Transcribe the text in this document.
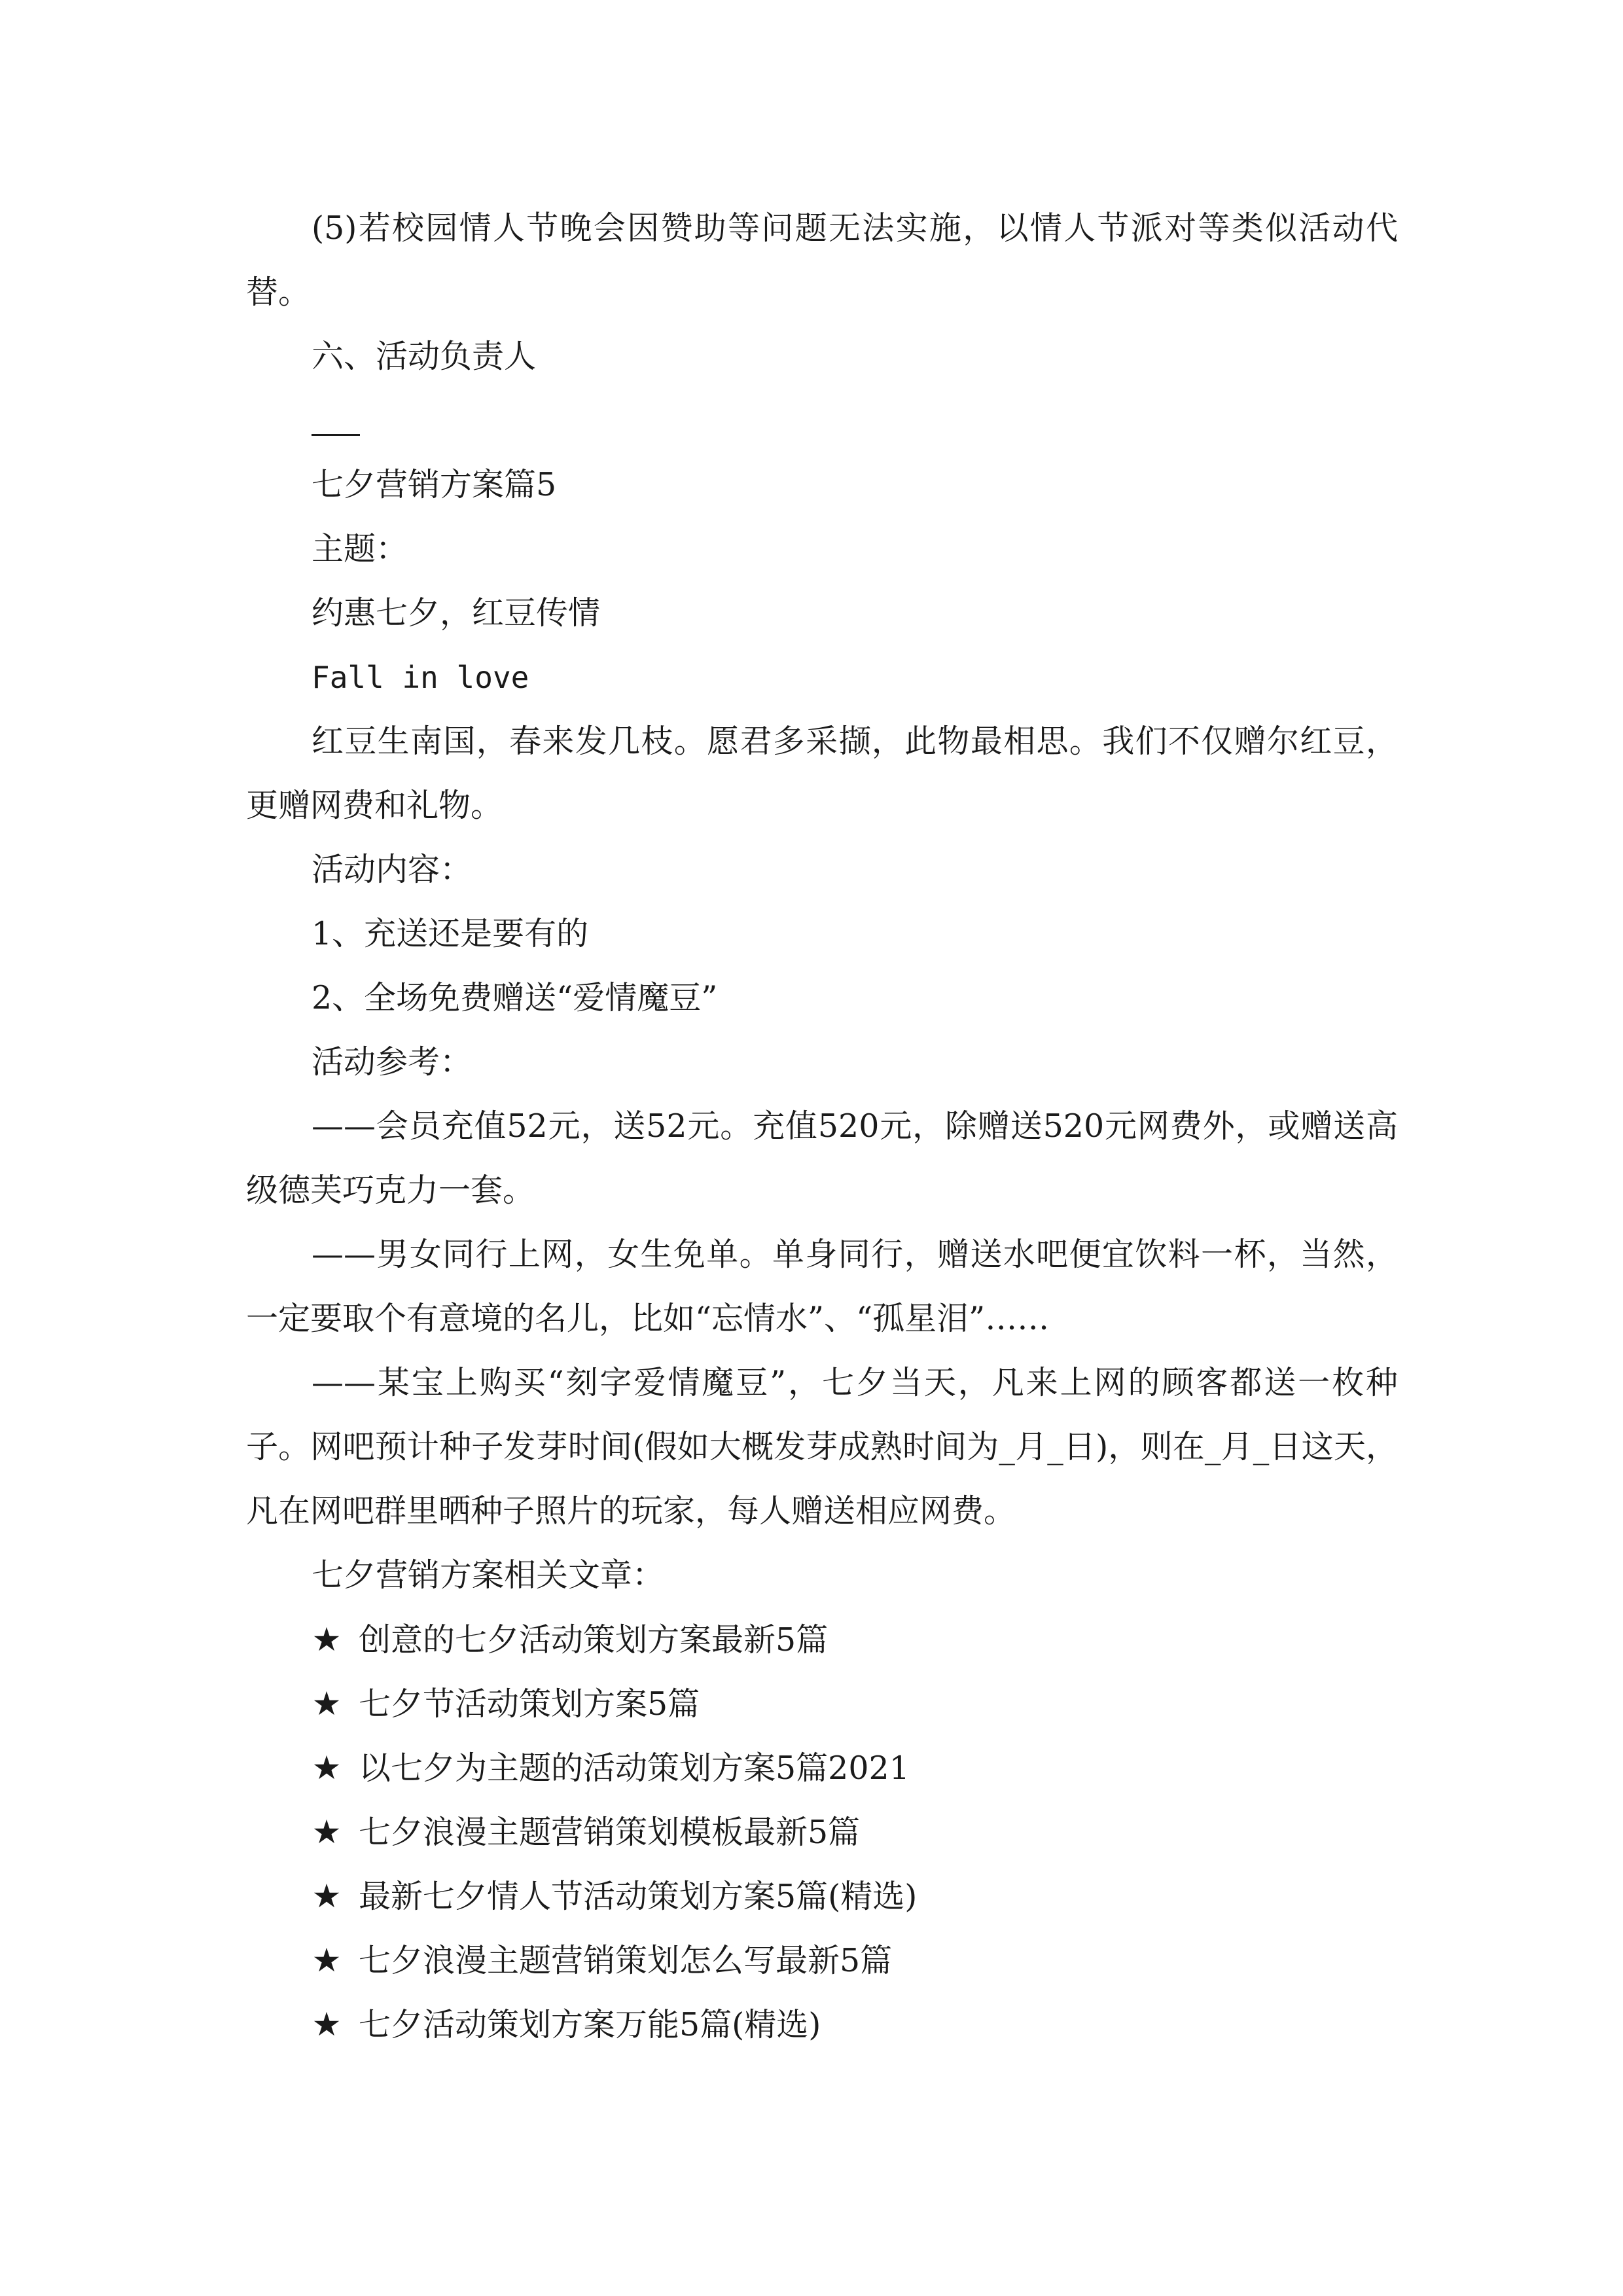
(5)若校园情人节晚会因赞助等问题无法实施，以情人节派对等类似活动代替。

六、活动负责人

七夕营销方案篇5

主题：

约惠七夕，红豆传情

Fall in love

红豆生南国，春来发几枝。愿君多采撷，此物最相思。我们不仅赠尔红豆，更赠网费和礼物。

活动内容：

1、充送还是要有的

2、全场免费赠送“爱情魔豆”

活动参考：

——会员充值52元，送52元。充值520元，除赠送520元网费外，或赠送高级德芙巧克力一套。

——男女同行上网，女生免单。单身同行，赠送水吧便宜饮料一杯，当然，一定要取个有意境的名儿，比如“忘情水”、“孤星泪”……

——某宝上购买“刻字爱情魔豆”，七夕当天，凡来上网的顾客都送一枚种子。网吧预计种子发芽时间(假如大概发芽成熟时间为_月_日)，则在_月_日这天，凡在网吧群里晒种子照片的玩家，每人赠送相应网费。

七夕营销方案相关文章：

★ 创意的七夕活动策划方案最新5篇
★ 七夕节活动策划方案5篇
★ 以七夕为主题的活动策划方案5篇2021
★ 七夕浪漫主题营销策划模板最新5篇
★ 最新七夕情人节活动策划方案5篇(精选)
★ 七夕浪漫主题营销策划怎么写最新5篇
★ 七夕活动策划方案万能5篇(精选)
